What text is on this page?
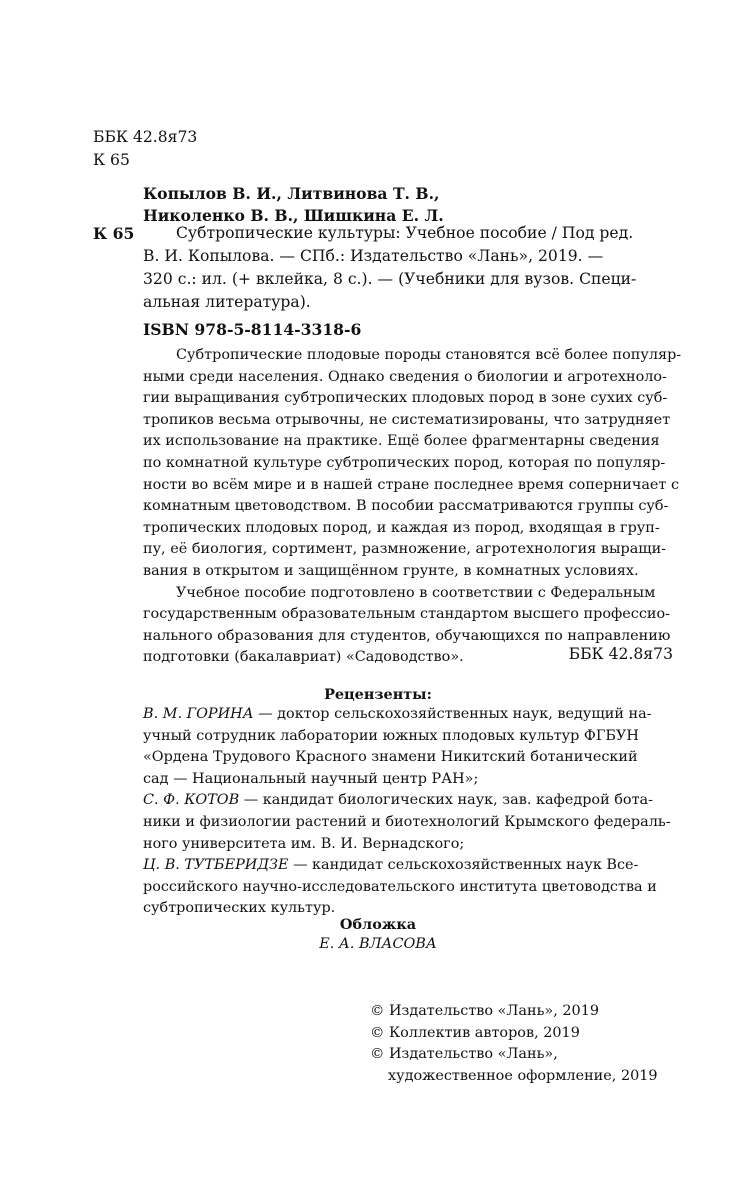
ББК 42.8я73
К 65
Копылов В. И., Литвинова Т. В.,
Николенко В. В., Шишкина Е. Л.
К 65	Субтропические культуры: Учебное пособие / Под ред.
В. И. Копылова. — СПб.: Издательство «Лань», 2019. —
320 с.: ил. (+ вклейка, 8 с.). — (Учебники для вузов. Специ-
альная литература).
ISBN 978-5-8114-3318-6
Субтропические плодовые породы становятся всё более популяр-
ными среди населения. Однако сведения о биологии и агротехноло-
гии выращивания субтропических плодовых пород в зоне сухих суб-
тропиков весьма отрывочны, не систематизированы, что затрудняет
их использование на практике. Ещё более фрагментарны сведения
по комнатной культуре субтропических пород, которая по популяр-
ности во всём мире и в нашей стране последнее время соперничает с
комнатным цветоводством. В пособии рассматриваются группы суб-
тропических плодовых пород, и каждая из пород, входящая в груп-
пу, её биология, сортимент, размножение, агротехнология выращи-
вания в открытом и защищённом грунте, в комнатных условиях.
Учебное пособие подготовлено в соответствии с Федеральным
государственным образовательным стандартом высшего профессио-
нального образования для студентов, обучающихся по направлению
подготовки (бакалавриат) «Садоводство».	ББК 42.8я73
Рецензенты:
В. М. ГОРИНА — доктор сельскохозяйственных наук, ведущий на-
учный сотрудник лаборатории южных плодовых культур ФГБУН
«Ордена Трудового Красного знамени Никитский ботанический
сад — Национальный научный центр РАН»;
С. Ф. КОТОВ — кандидат биологических наук, зав. кафедрой бота-
ники и физиологии растений и биотехнологий Крымского федераль-
ного университета им. В. И. Вернадского;
Ц. В. ТУТБЕРИДЗЕ — кандидат сельскохозяйственных наук Все-
российского научно-исследовательского института цветоводства и
субтропических культур.
Обложка
Е. А. ВЛАСОВА
© Издательство «Лань», 2019
© Коллектив авторов, 2019
© Издательство «Лань»,
художественное оформление, 2019
